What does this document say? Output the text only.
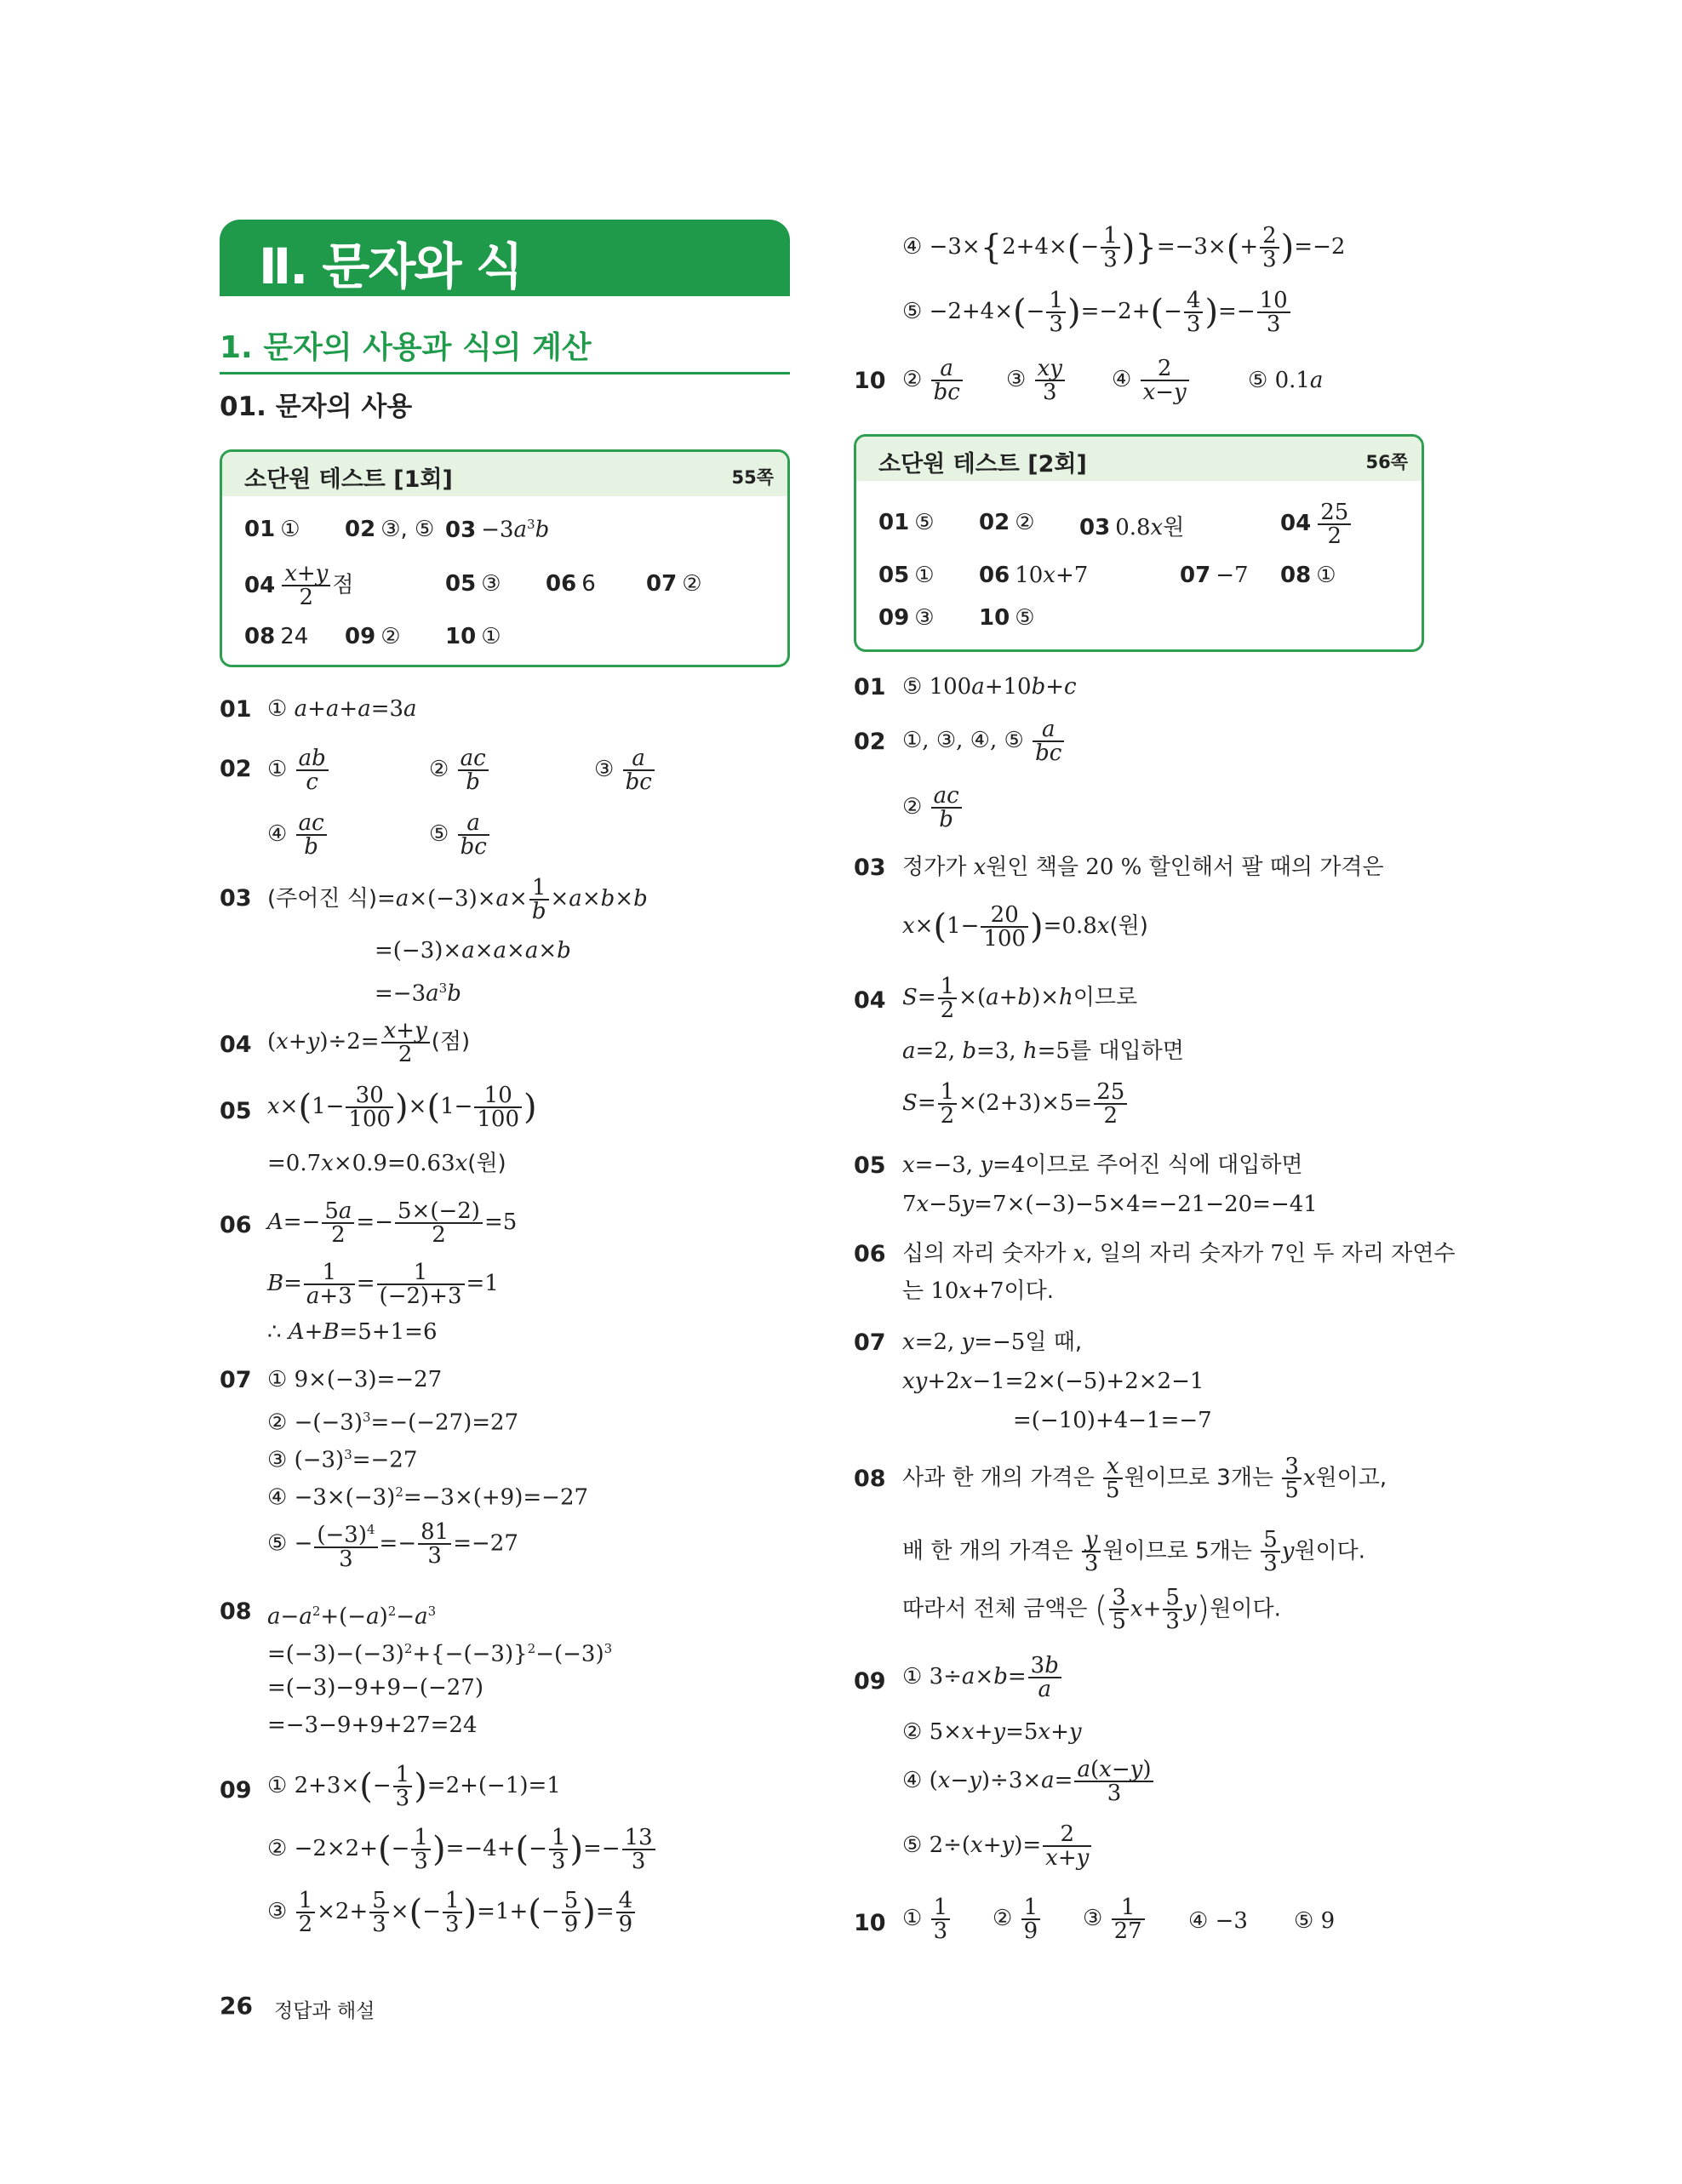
Ⅱ. 문자와 식
1. 문자의 사용과 식의 계산
01. 문자의 사용
소단원 테스트 [1회]	55쪽
01 ① 02 ③, ⑤ $03 -3a^3b$
$04 \frac{x+y}{2}$ 점	05 ③ 06 6 07 ②
08 24 09 ② 10 ①
01 ① a+a+a=3a
02 ① $\frac{ab}{c}$	② $\frac{ac}{b}$	③ $\frac{a}{bc}$
④ $\frac{ac}{b}$	⑤ $\frac{a}{bc}$
03 (주어진 식)$=a\times(-3)\times a\times \frac{1}{b} \times a\times b\times b$
=(−3)×a×a×a×b
$=-3a^3b$
04 $(x+y)\div 2= \frac{x+y}{2}$ (점)
05 $x\times(1- \frac{30}{100} )\times(1- \frac{10}{100}$ )
=0.7x×0.9=0.63x(원)
06 $A=- \frac{5a}{2} =- \frac{5\times(-2)}{2} =5$
$B= \frac{1}{a+3} = \frac{1}{(-2)+3} =1$
∴ A+B=5+1=6
07 ① 9×(−3)=−27
② $-(-3)^3=-(-27)=27$
③ $(-3)^3=-27$
④ $-3\times(-3)^2=-3\times(+9)=-27$
⑤ − $\frac{(-3)^4}{3} =- \frac{81}{3} =-27$
08 $a-a^2+(-a)^2-a^3$
$=(-3)-(-3)^2+\{-(-3)\}^2-(-3)^3$
=(−3)−9+9−(−27)
=−3−9+9+27=24
09 ① $2+3\times(- \frac{1}{3} )=2+(-1)=1$
② $-2\times 2+(- \frac{1}{3} )=-4+(- \frac{1}{3}$ )=− $\frac{13}{3}$
③ $\frac{1}{2} \times 2+ \frac{5}{3}$ ×(− $\frac{1}{3} )=1+(- \frac{5}{9}$ )= $\frac{4}{9}$
④ $-3\times\{2+4\times(- \frac{1}{3} )\}=-3\times(+ \frac{2}{3} )=-2$
⑤ $-2+4\times(- \frac{1}{3} )=-2+(- \frac{4}{3}$ )=− $\frac{10}{3}$
10 ② $\frac{a}{bc}$ ③ $\frac{xy}{3}$ ④ $\frac{2}{x-y}$	⑤ 0.1a
소단원 테스트 [2회]	56쪽
01 ⑤ 02 ② 03 0.8x원	$04 \frac{25}{2}$
05 ① 06 10x+7	07 −7 08 ①
09 ③ 10 ⑤
01 ⑤ 100a+10b+c
02 ①, ③, ④, ⑤ $\frac{a}{bc}$
② $\frac{ac}{b}$
03 정가가 x원인 책을 20 % 할인해서 팔 때의 가격은
$x\times(1- \frac{20}{100} )=0.8x$(원)
04 $S= \frac{1}{2} \times(a+b)\times h$이므로
a=2, b=3, h=5를 대입하면
$S= \frac{1}{2} \times(2+3)\times 5= \frac{25}{2}$
05 x=−3, y=4이므로 주어진 식에 대입하면
7x−5y=7×(−3)−5×4=−21−20=−41
06 십의 자리 숫자가 x, 일의 자리 숫자가 7인 두 자리 자연수
는 10x+7이다.
07 x=2, y=−5일 때,
xy+2x−1=2×(−5)+2×2−1
=(−10)+4−1=−7
08 사과 한 개의 가격은 $\frac{x}{5}$ 원이므로 3개는 $\frac{3}{5}$ x원이고,
배 한 개의 가격은 $\frac{y}{3}$ 원이므로 5개는 $\frac{5}{3}$ y원이다.
따라서 전체 금액은 ( $\frac{3}{5} x+ \frac{5}{3} y$)원이다.
09 ① $3\div a\times b= \frac{3b}{a}$
② 5×x+y=5x+y
④ $(x-y)\div 3\times a= \frac{a(x-y)}{3}$
⑤ $2\div(x+y)= \frac{2}{x+y}$
10 ① $\frac{1}{3}$ ② $\frac{1}{9}$ ③ $\frac{1}{27}$ ④ −3 ⑤ 9
26 정답과 해설
